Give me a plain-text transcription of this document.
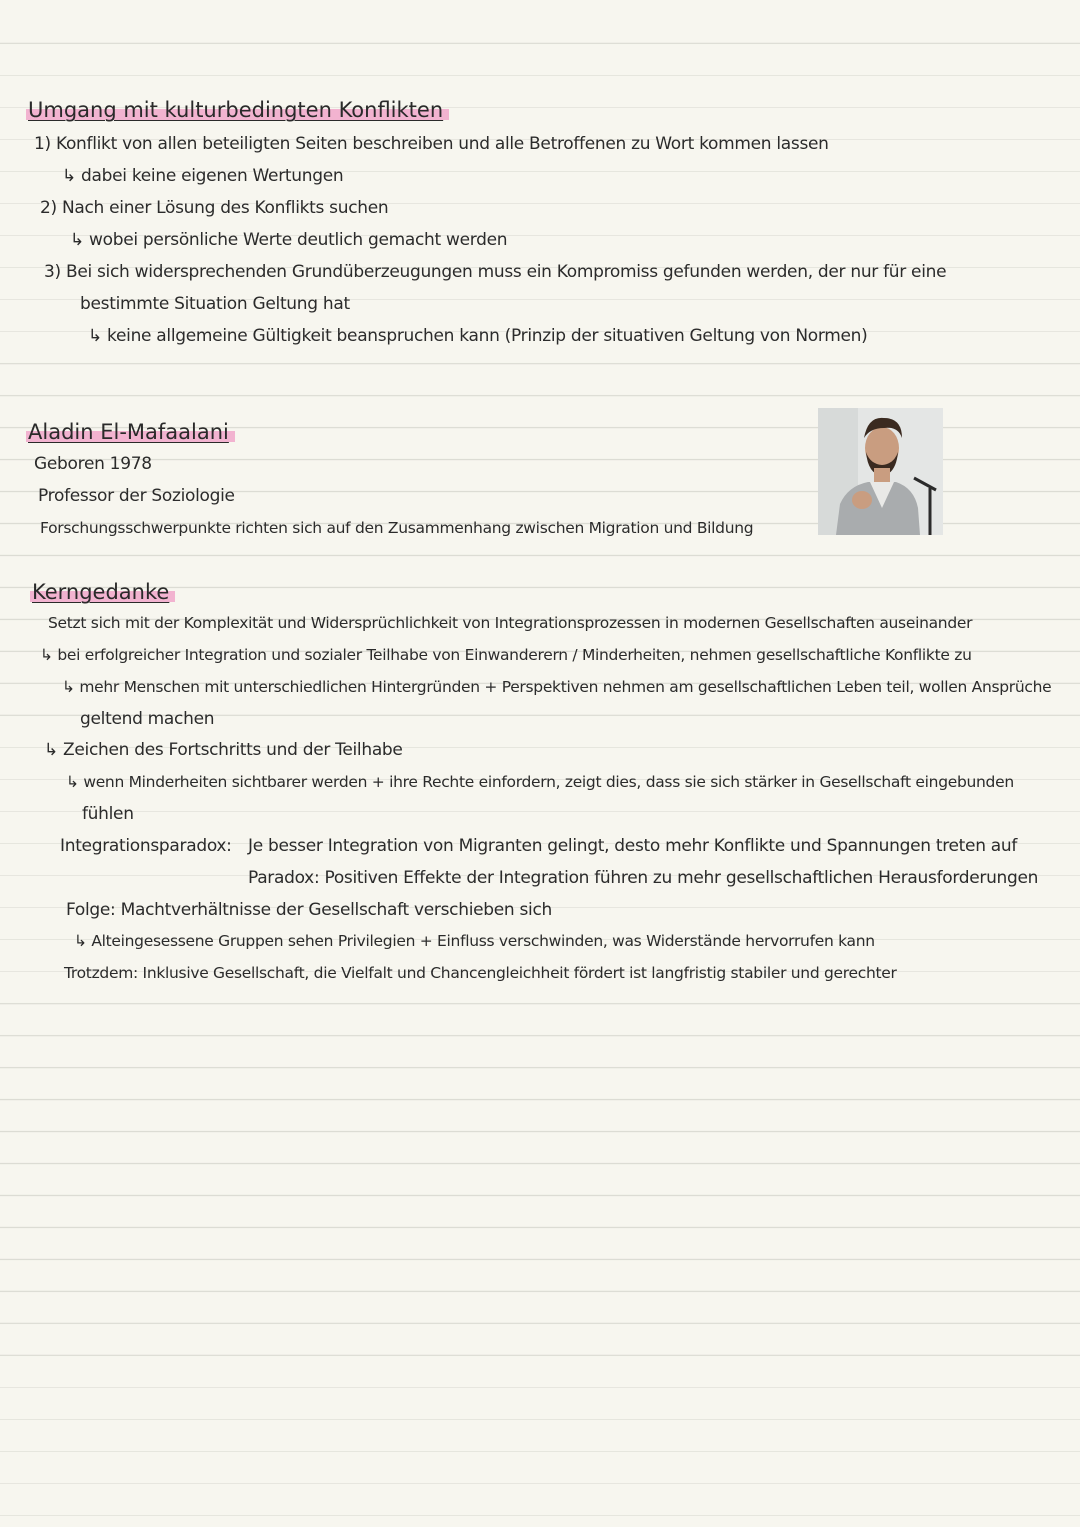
Umgang mit kulturbedingten Konflikten
1) Konflikt von allen beteiligten Seiten beschreiben und alle Betroffenen zu Wort kommen lassen
↳ dabei keine eigenen Wertungen
2) Nach einer Lösung des Konflikts suchen
↳ wobei persönliche Werte deutlich gemacht werden
3) Bei sich widersprechenden Grundüberzeugungen muss ein Kompromiss gefunden werden, der nur für eine
bestimmte Situation Geltung hat
↳ keine allgemeine Gültigkeit beanspruchen kann (Prinzip der situativen Geltung von Normen)
Aladin El-Mafaalani
Geboren 1978
Professor der Soziologie
Forschungsschwerpunkte richten sich auf den Zusammenhang zwischen Migration und Bildung
Kerngedanke
Setzt sich mit der Komplexität und Widersprüchlichkeit von Integrationsprozessen in modernen Gesellschaften auseinander
↳ bei erfolgreicher Integration und sozialer Teilhabe von Einwanderern / Minderheiten, nehmen gesellschaftliche Konflikte zu
↳ mehr Menschen mit unterschiedlichen Hintergründen + Perspektiven nehmen am gesellschaftlichen Leben teil, wollen Ansprüche
geltend machen
↳ Zeichen des Fortschritts und der Teilhabe
↳ wenn Minderheiten sichtbarer werden + ihre Rechte einfordern, zeigt dies, dass sie sich stärker in Gesellschaft eingebunden
fühlen
Integrationsparadox: Je besser Integration von Migranten gelingt, desto mehr Konflikte und Spannungen treten auf
Paradox: Positiven Effekte der Integration führen zu mehr gesellschaftlichen Herausforderungen
Folge: Machtverhältnisse der Gesellschaft verschieben sich
↳ Alteingesessene Gruppen sehen Privilegien + Einfluss verschwinden, was Widerstände hervorrufen kann
Trotzdem: Inklusive Gesellschaft, die Vielfalt und Chancengleichheit fördert ist langfristig stabiler und gerechter
